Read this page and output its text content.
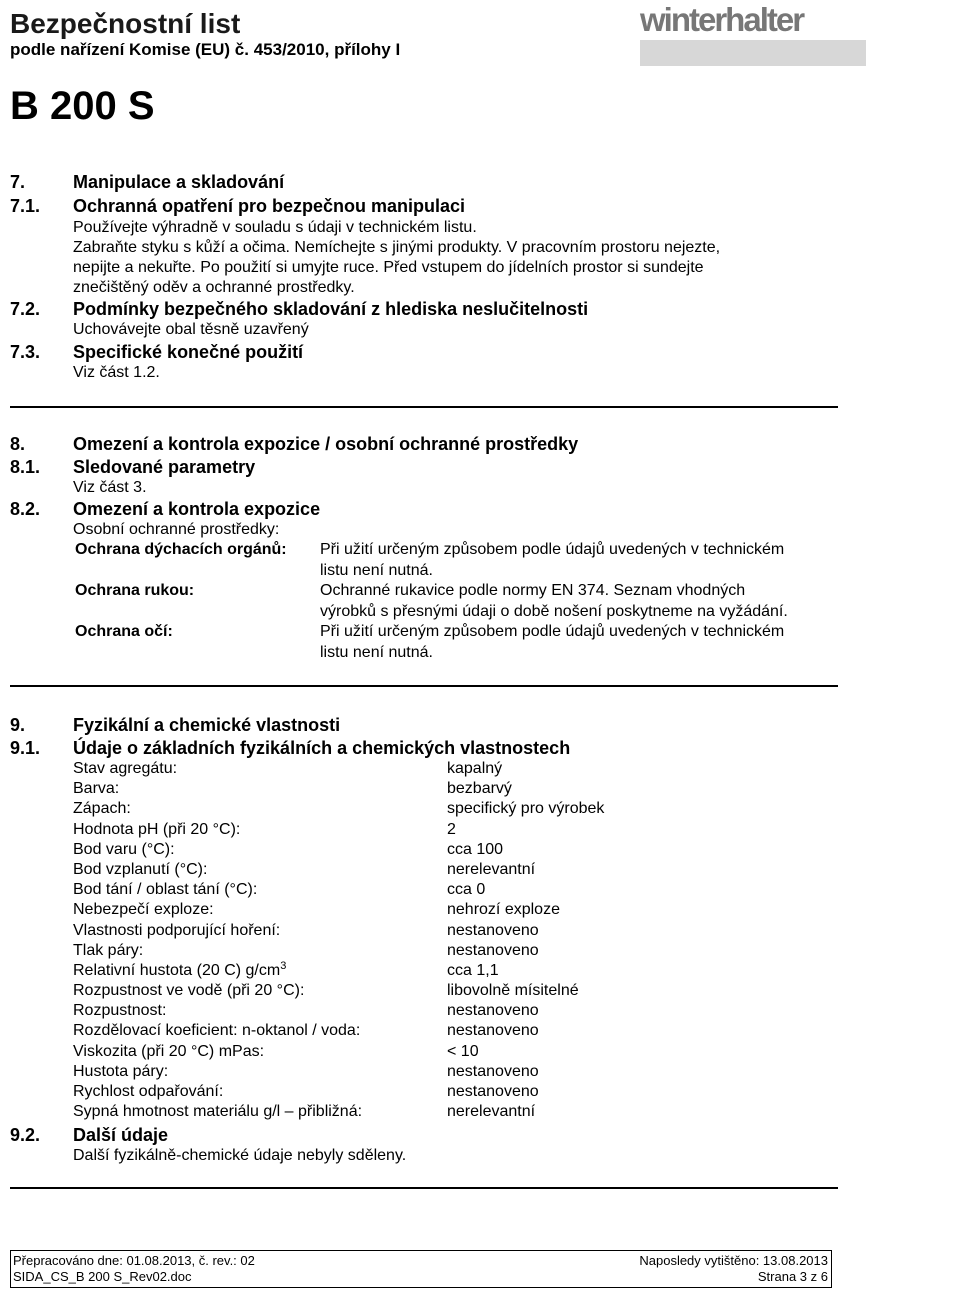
Bezpečnostní list
podle nařízení Komise (EU) č. 453/2010, přílohy I
B 200 S
winterhalter
7.	Manipulace a skladování
7.1. Ochranná opatření pro bezpečnou manipulaci
Používejte výhradně v souladu s údaji v technickém listu.
Zabraňte styku s kůží a očima. Nemíchejte s jinými produkty. V pracovním prostoru nejezte,
nepijte a nekuřte. Po použití si umyjte ruce. Před vstupem do jídelních prostor si sundejte
znečištěný oděv a ochranné prostředky.
7.2. Podmínky bezpečného skladování z hlediska neslučitelnosti
Uchovávejte obal těsně uzavřený
7.3. Specifické konečné použití
Viz část 1.2.
8.	Omezení a kontrola expozice / osobní ochranné prostředky
8.1. Sledované parametry
Viz část 3.
8.2. Omezení a kontrola expozice
Osobní ochranné prostředky:
Ochrana dýchacích orgánů: Při užití určeným způsobem podle údajů uvedených v technickém
listu není nutná.
Ochrana rukou:	Ochranné rukavice podle normy EN 374. Seznam vhodných
výrobků s přesnými údaji o době nošení poskytneme na vyžádání.
Ochrana očí:	Při užití určeným způsobem podle údajů uvedených v technickém
listu není nutná.
9.	Fyzikální a chemické vlastnosti
9.1. Údaje o základních fyzikálních a chemických vlastnostech
Stav agregátu:	kapalný
Barva:	bezbarvý
Zápach:	specifický pro výrobek
Hodnota pH (při 20 °C):	2
Bod varu (°C):	cca 100
Bod vzplanutí (°C):	nerelevantní
Bod tání / oblast tání (°C):	cca 0
Nebezpečí exploze:	nehrozí exploze
Vlastnosti podporující hoření:	nestanoveno
Tlak páry:	nestanoveno
Relativní hustota (20 C) $g/cm^3$	cca 1,1
Rozpustnost ve vodě (při 20 °C):	libovolně mísitelné
Rozpustnost:	nestanoveno
Rozdělovací koeficient: n-oktanol / voda:	nestanoveno
Viskozita (při 20 °C) mPas:	< 10
Hustota páry:	nestanoveno
Rychlost odpařování:	nestanoveno
Sypná hmotnost materiálu g/l – přibližná:	nerelevantní
9.2. Další údaje
Další fyzikálně-chemické údaje nebyly sděleny.
Přepracováno dne: 01.08.2013, č. rev.: 02	Naposledy vytištěno: 13.08.2013
SIDA_CS_B 200 S_Rev02.doc	Strana 3 z 6
